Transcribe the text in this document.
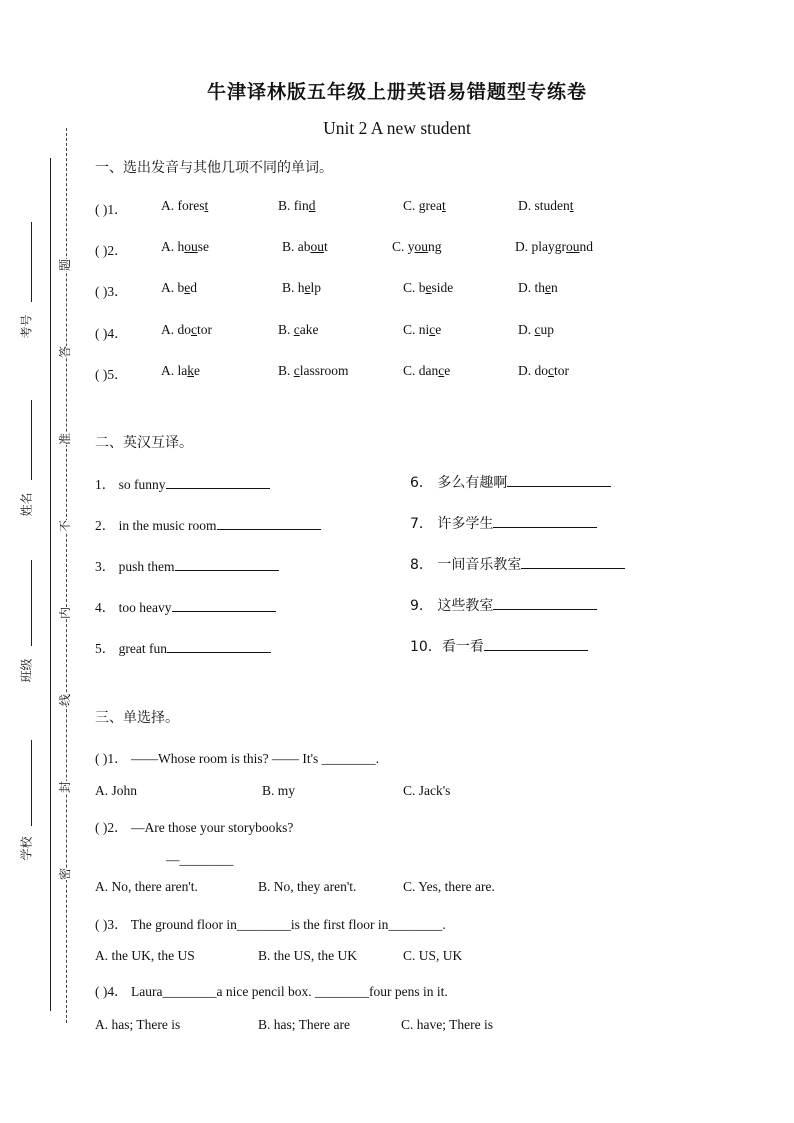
考号
姓名
班级
学校
题
答
准
不
内
线
封
密
牛津译林版五年级上册英语易错题型专练卷
Unit 2 A new student
一、选出发音与其他几项不同的单词。
( )1． A. forest	B. find	C. great	D. student
( )2． A. house	B. about	C. young	D. playground
( )3． A. bed	B. help	C. beside	D. then
( )4． A. doctor	B. cake	C. nice	D. cup
( )5． A. lake	B. classroom	C. dance	D. doctor
二、英汉互译。
1． so funny
2． in the music room
3． push them
4． too heavy
5． great fun
6． 多么有趣啊
7． 许多学生
8． 一间音乐教室
9． 这些教室
10．看一看
三、单选择。
( )1． ——Whose room is this? —— It's ________.
A. John	B. my	C. Jack's
( )2． —Are those your storybooks?
—________
A. No, there aren't.	B. No, they aren't.	C. Yes, there are.
( )3． The ground floor in________is the first floor in________.
A. the UK, the US	B. the US, the UK	C. US, UK
( )4． Laura________a nice pencil box. ________four pens in it.
A. has; There is	B. has; There are	C. have; There is
